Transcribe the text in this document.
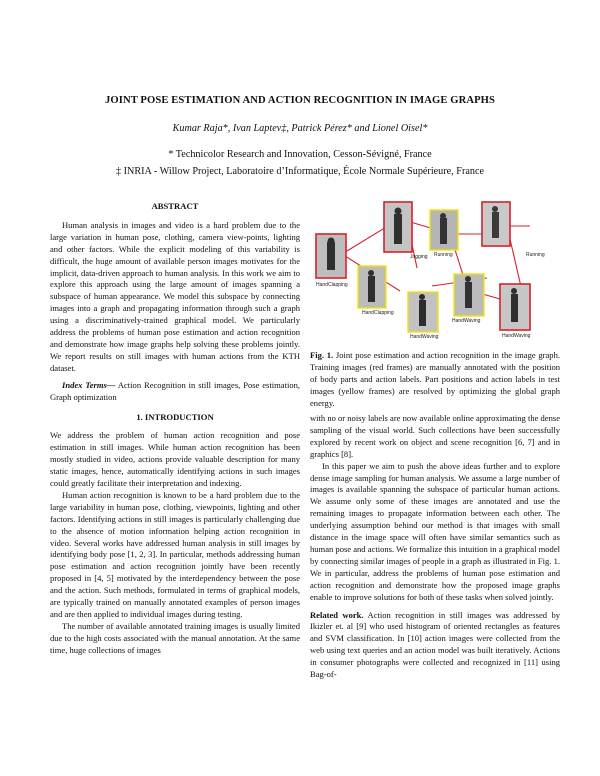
JOINT POSE ESTIMATION AND ACTION RECOGNITION IN IMAGE GRAPHS
Kumar Raja*, Ivan Laptev‡, Patrick Pérez* and Lionel Oisel*
* Technicolor Research and Innovation, Cesson-Sévigné, France
‡ INRIA - Willow Project, Laboratoire d’Informatique, École Normale Supérieure, France
ABSTRACT

Human analysis in images and video is a hard problem due to the large variation in human pose, clothing, camera view-points, lighting and other factors. While the explicit modeling of this variability is difficult, the huge amount of available person images motivates for the implicit, data-driven approach to human analysis. In this work we aim to explore this approach using the large amount of images spanning a subspace of human appearance. We model this subspace by connecting images into a graph and propagating information through such a graph using a discriminatively-trained graphical model. We particularly address the problems of human pose estimation and action recognition and demonstrate how image graphs help solving these problems jointly. We report results on still images with human actions from the KTH dataset.

Index Terms— Action Recognition in still images, Pose estimation, Graph optimization

1. INTRODUCTION

We address the problem of human action recognition and pose estimation in still images. While human action recognition has been mostly studied in video, actions provide valuable description for many static images, hence, automatically identifying actions in such images could greatly facilitate their interpretation and indexing.

Human action recognition is known to be a hard problem due to the large variability in human pose, clothing, viewpoints, lighting and other factors. Identifying actions in still images is particularly challenging due to the absence of motion information helping action recognition in video. Several works have addressed human analysis in still images by identifying body pose [1, 2, 3]. In particular, methods addressing human pose estimation and action recognition jointly have been recently proposed in [4, 5] motivated by the interdependency between the pose and the action. Such methods, formulated in terms of graphical models, are typically trained on manually annotated examples of person images and are then applied to individual images during testing.

The number of available annotated training images is usually limited due to the high costs associated with the manual annotation. At the same time, huge collections of images

HandClapping
Jogging Running	Running
HandClapping
HandWaving
HandWaving
HandWaving
Fig. 1. Joint pose estimation and action recognition in the image graph. Training images (red frames) are manually annotated with the position of body parts and action labels. Part positions and action labels in test images (yellow frames) are resolved by optimizing the global graph energy.

with no or noisy labels are now available online approximating the dense sampling of the visual world. Such collections have been successfully explored by recent work on object and scene recognition [6, 7] and in graphics [8].

In this paper we aim to push the above ideas further and to explore dense image sampling for human analysis. We assume a large number of images is available spanning the subspace of particular human actions. We assume only some of these images are annotated and use the remaining images to propagate information between each other. The underlying assumption behind our method is that images with small distance in the image space will often have similar semantics such as human pose and actions. We formalize this intuition in a graphical model by connecting similar images of people in a graph as illustrated in Fig. 1. We in particular, address the problems of human pose estimation and action recognition and demonstrate how the proposed image graphs enable to improve solutions for both of these tasks when solved jointly.

Related work. Action recognition in still images was addressed by Ikizler et. al [9] who used histogram of oriented rectangles as features and SVM classification. In [10] action images were collected from the web using text queries and an action model was built iteratively. Actions in consumer photographs were collected and recognized in [11] using Bag-of-
